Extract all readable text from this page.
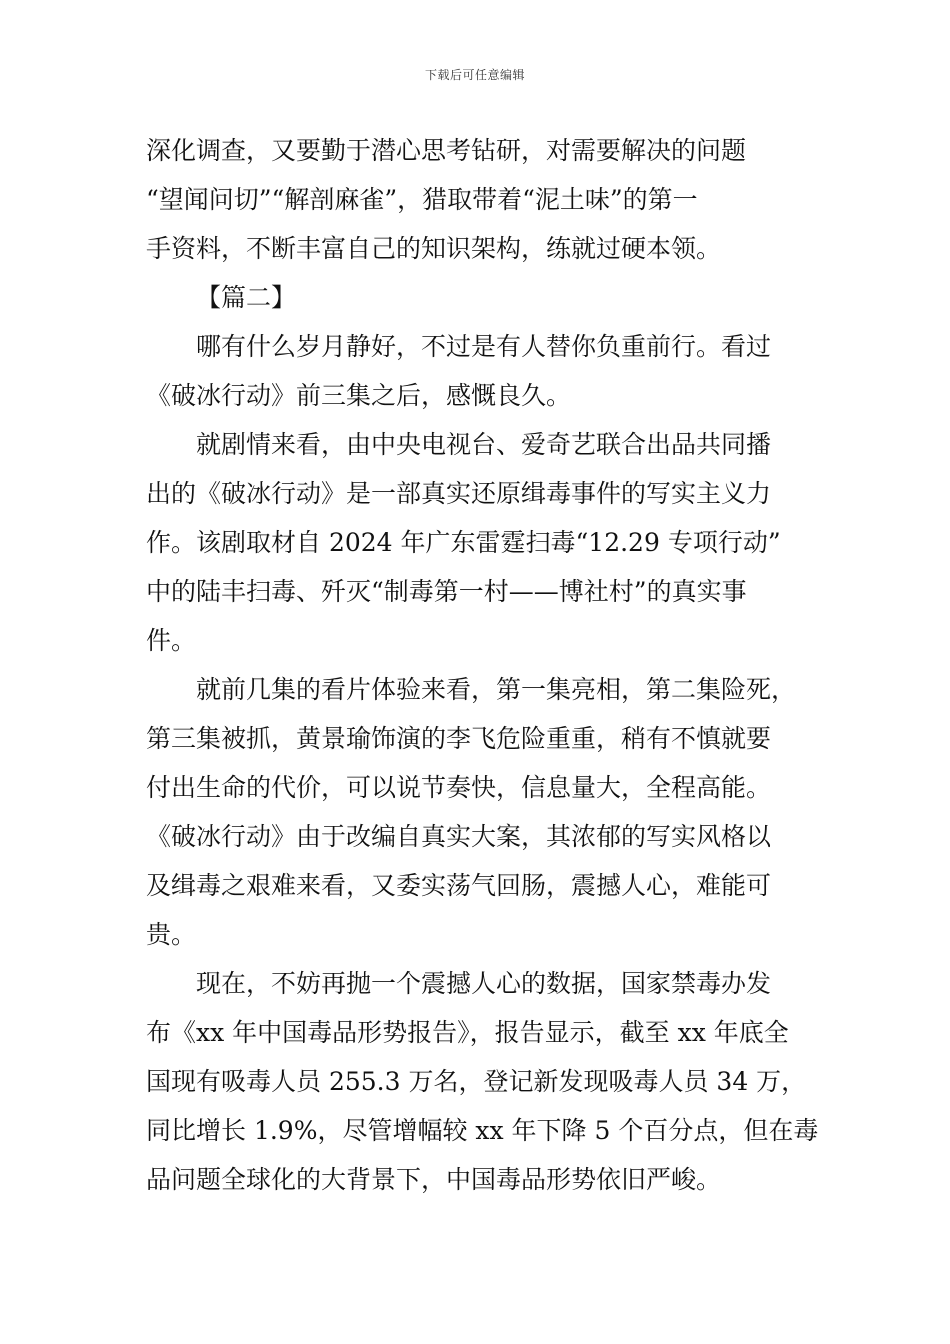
下载后可任意编辑
深化调查，又要勤于潜心思考钻研，对需要解决的问题
“望闻问切”“解剖麻雀”，猎取带着“泥土味”的第一
手资料，不断丰富自己的知识架构，练就过硬本领。
【篇二】
哪有什么岁月静好，不过是有人替你负重前行。看过
《破冰行动》前三集之后，感慨良久。
就剧情来看，由中央电视台、爱奇艺联合出品共同播
出的《破冰行动》是一部真实还原缉毒事件的写实主义力
作。该剧取材自 2024 年广东雷霆扫毒“12.29 专项行动”
中的陆丰扫毒、歼灭“制毒第一村——博社村”的真实事
件。
就前几集的看片体验来看，第一集亮相，第二集险死，
第三集被抓，黄景瑜饰演的李飞危险重重，稍有不慎就要
付出生命的代价，可以说节奏快，信息量大，全程高能。
《破冰行动》由于改编自真实大案，其浓郁的写实风格以
及缉毒之艰难来看，又委实荡气回肠，震撼人心，难能可
贵。
现在，不妨再抛一个震撼人心的数据，国家禁毒办发
布《xx 年中国毒品形势报告》，报告显示，截至 xx 年底全
国现有吸毒人员 255.3 万名，登记新发现吸毒人员 34 万，
同比增长 1.9%，尽管增幅较 xx 年下降 5 个百分点，但在毒
品问题全球化的大背景下，中国毒品形势依旧严峻。
